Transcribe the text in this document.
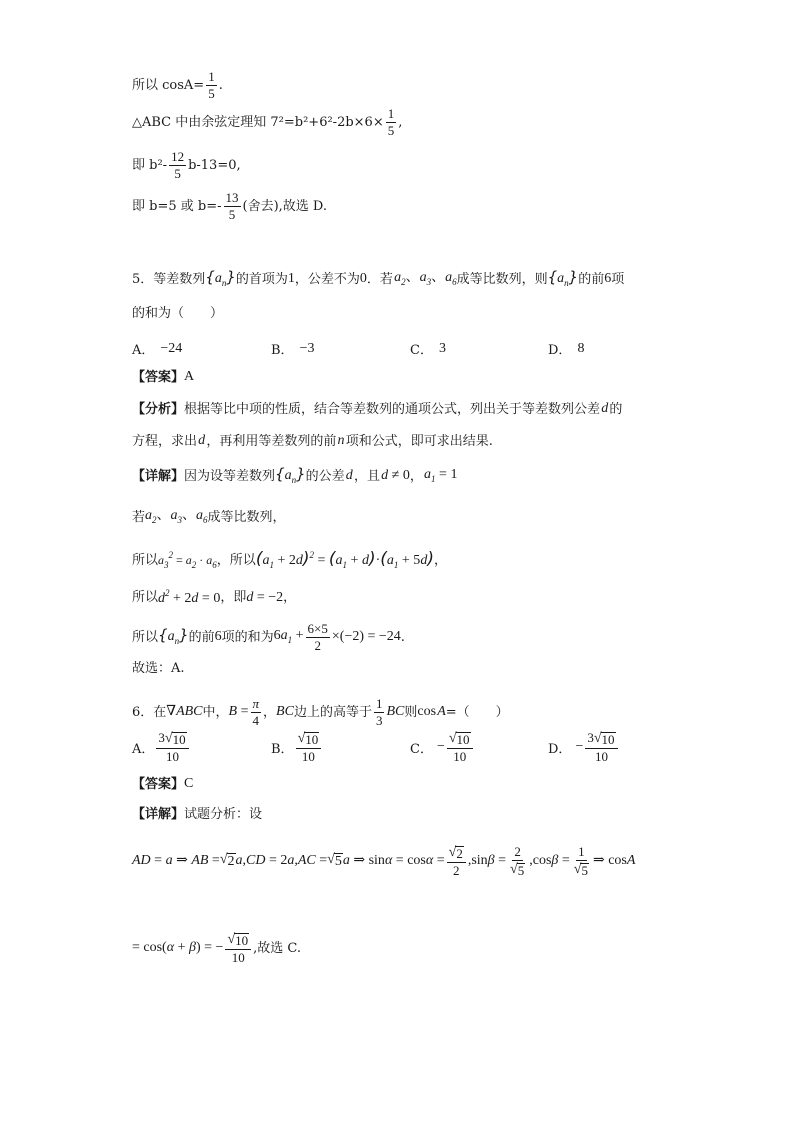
所以 $\cos A= \frac{1}{5}$ .
△ABC 中由余弦定理知 $7^2=b^2+6^2-2b\times 6\times \frac{1}{5}$ ,
即 $b^2- \frac{12}{5} b-13=0$,
即 b=5 或 $b=- \frac{13}{5}$ (舍去),故选 D.
5． 等差数列 $\{a_n\}$ 的首项为 1 ，公差不为 0 ．若  $a_2$、$a_3$、$a_6$ 成等比数列，则 $\{a_n\}$ 的前 6 项
的和为（　　）
A． −24	B． −3	C． 3	D． 8
【答案】 A
【分析】 根据等比中项的性质，结合等差数列的通项公式，列出关于等差数列公差  d  的
方程，求出  d  ，再利用等差数列的前  n  项和公式，即可求出结果.
【详解】 因为设等差数列 $\{a_n\}$ 的公差  d  ，且  d ≠ 0 ，  $a_1 = 1$
若 $a_2$、$a_3$、$a_6$ 成等比数列，
所以 $a_3^2 = a_2 \cdot a_6$ ，所以 $(a_1 + 2d)^2 = (a_1 + d)\cdot(a_1 + 5d)$ ，
所以 $d^2 + 2d = 0$ ，即 d = −2 ，
所以 $\{a_n\}$ 的前 6 项的和为 $6a_1 + \frac{6\times 5}{2} \times(-2) = -24$ .
故选：A.
6． 在 ∇ ABC 中， $B = \frac{\pi}{4}$ ， BC 边上的高等于 $\frac{1}{3}$ BC 则 cos A =（　　）
A． $\frac{3 √ 10}{10}$	B． $\frac{√ 10}{10}$	C． − $\frac{√ 10}{10}$	D． − $\frac{3 √ 10}{10}$
【答案】 C
【详解】 试题分析：设
AD = a ⇒ AB = √ 2 a,CD = 2a,AC = √ 5 a ⇒ $\sin\alpha = \cos\alpha = \frac{√ 2}{2} ,\sin\beta = \frac{2}{√ 5} ,\cos\beta = \frac{1}{√ 5}$ ⇒ cosA
= cos(α + β) = − $\frac{√ 10}{10}$ ,故选 C.
